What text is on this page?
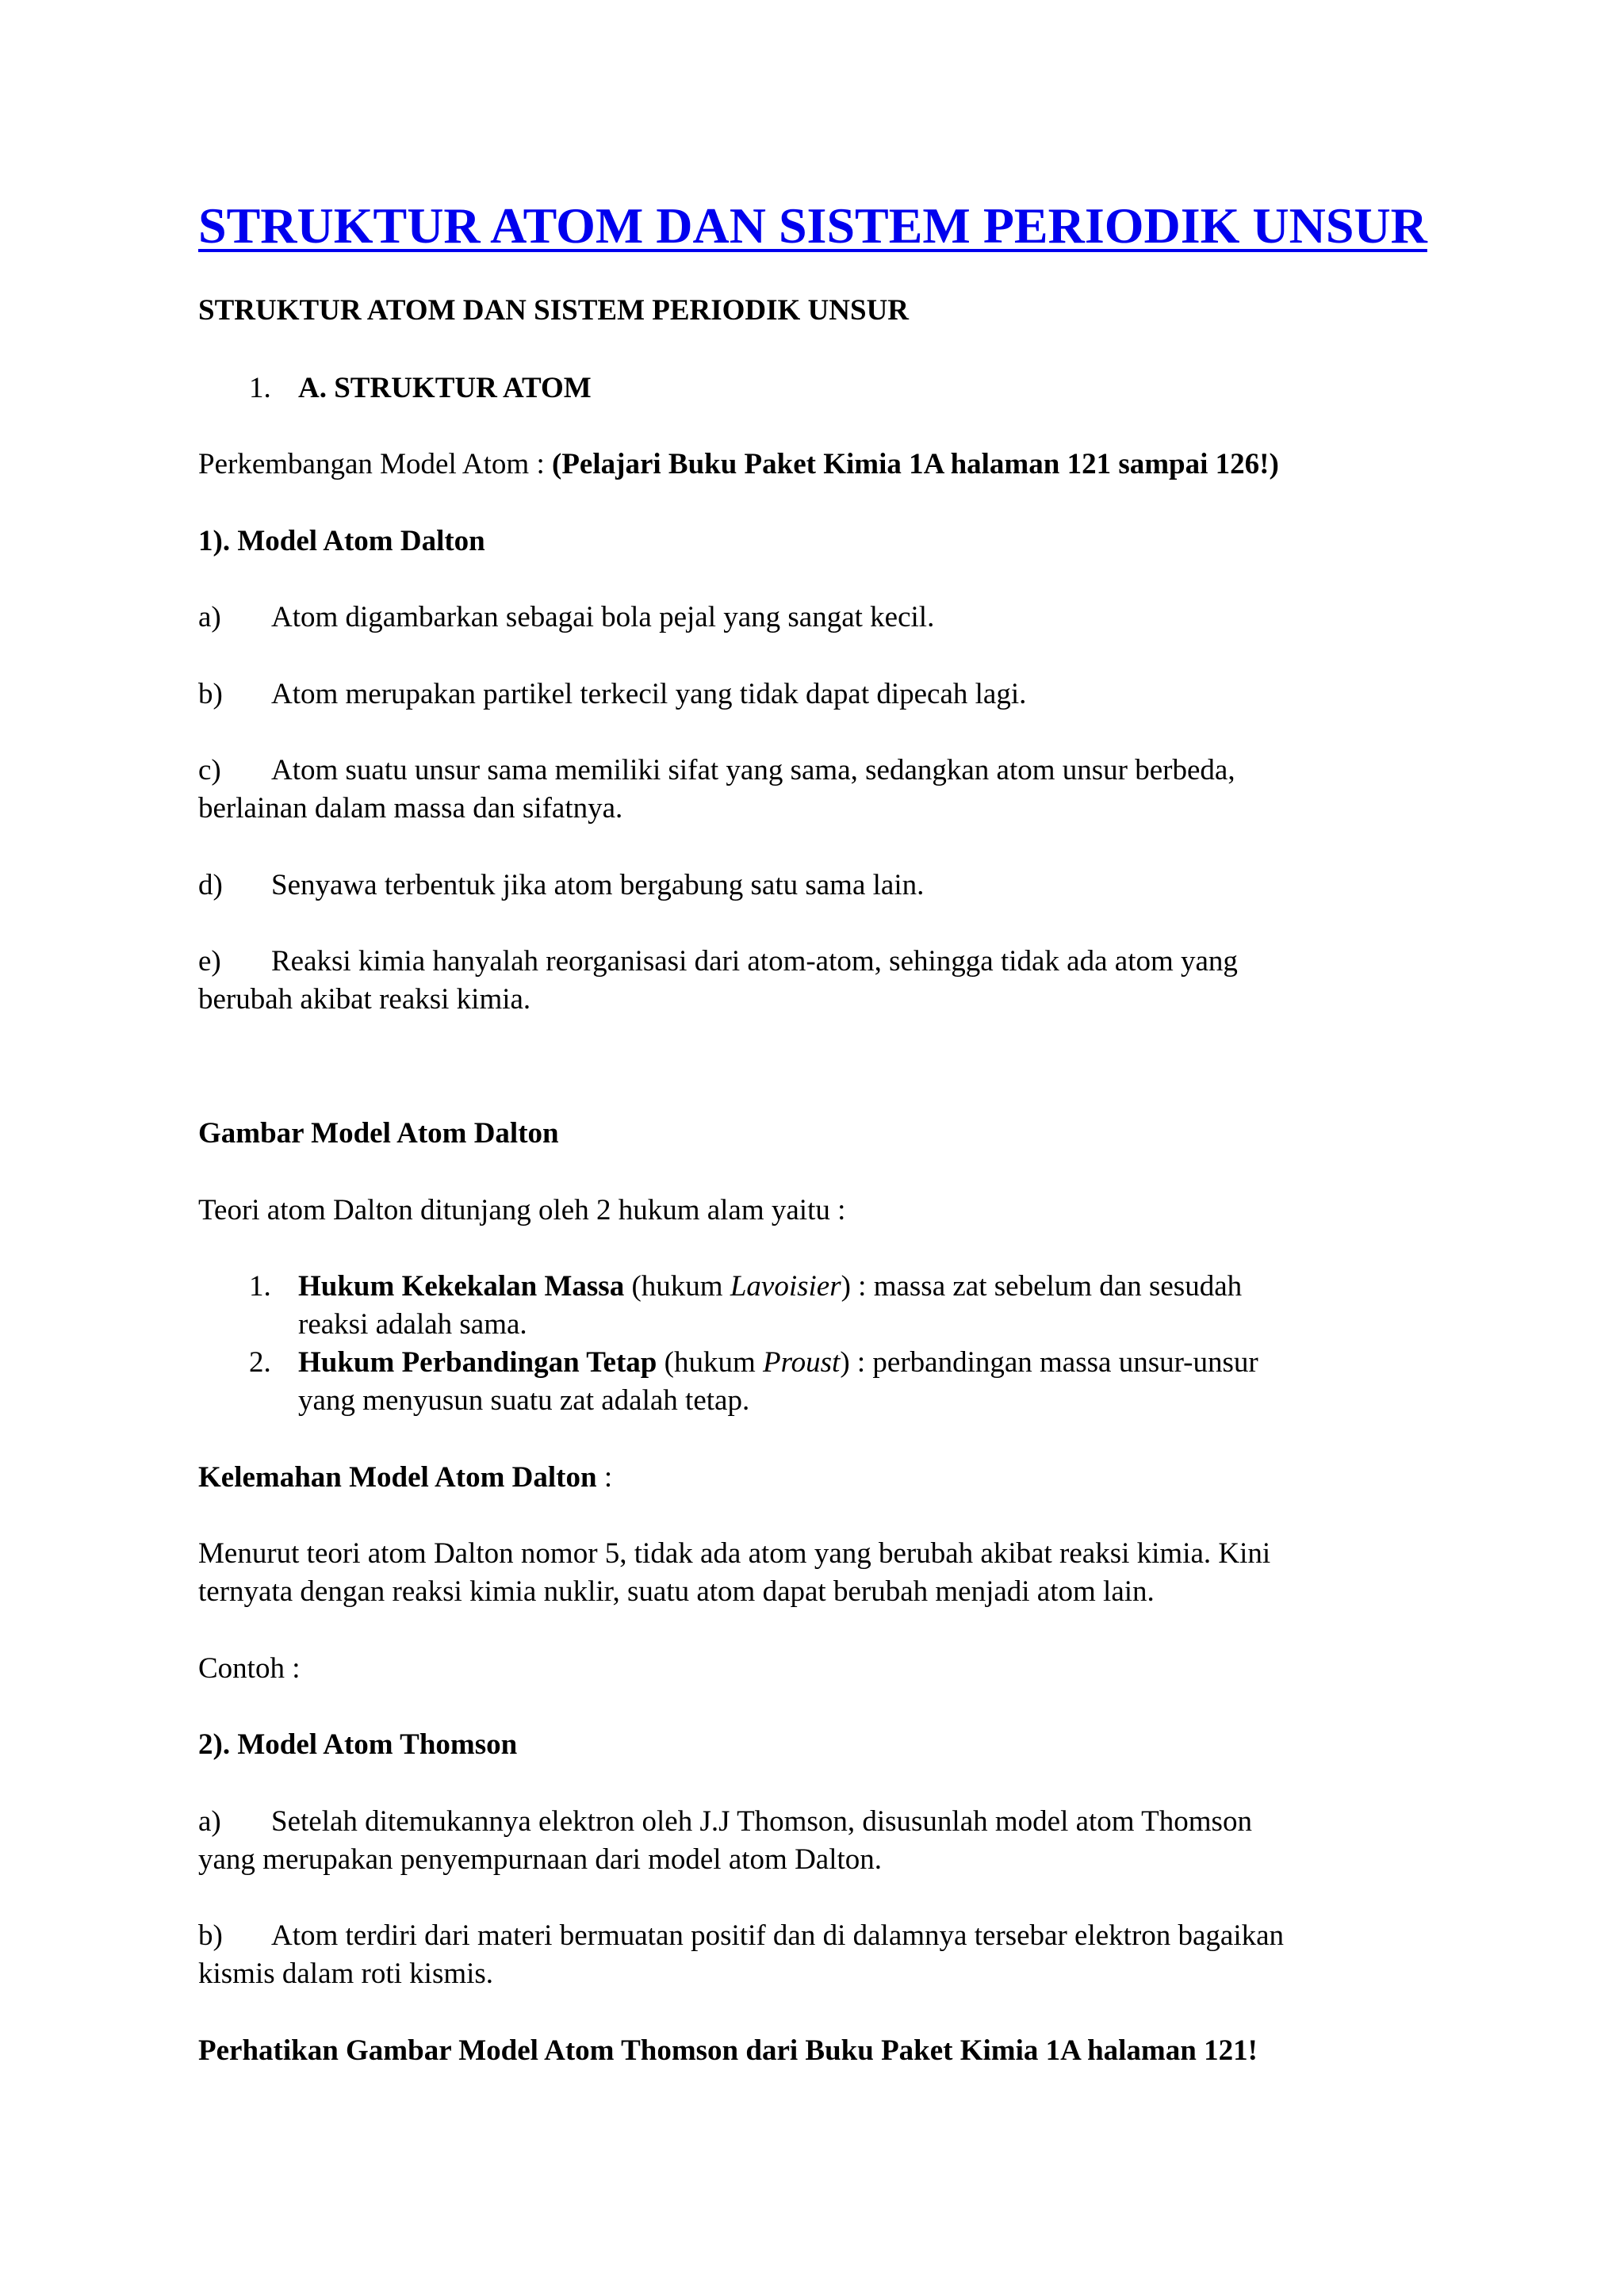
STRUKTUR ATOM DAN SISTEM PERIODIK UNSUR
STRUKTUR ATOM DAN SISTEM PERIODIK UNSUR
1. A. STRUKTUR ATOM
Perkembangan Model Atom : (Pelajari Buku Paket Kimia 1A halaman 121 sampai 126!)
1). Model Atom Dalton
a) Atom digambarkan sebagai bola pejal yang sangat kecil.
b) Atom merupakan partikel terkecil yang tidak dapat dipecah lagi.
c) Atom suatu unsur sama memiliki sifat yang sama, sedangkan atom unsur berbeda,
berlainan dalam massa dan sifatnya.
d) Senyawa terbentuk jika atom bergabung satu sama lain.
e) Reaksi kimia hanyalah reorganisasi dari atom-atom, sehingga tidak ada atom yang
berubah akibat reaksi kimia.
Gambar Model Atom Dalton
Teori atom Dalton ditunjang oleh 2 hukum alam yaitu :
1. Hukum Kekekalan Massa (hukum Lavoisier) : massa zat sebelum dan sesudah
reaksi adalah sama.
2. Hukum Perbandingan Tetap (hukum Proust) : perbandingan massa unsur-unsur
yang menyusun suatu zat adalah tetap.
Kelemahan Model Atom Dalton :
Menurut teori atom Dalton nomor 5, tidak ada atom yang berubah akibat reaksi kimia. Kini
ternyata dengan reaksi kimia nuklir, suatu atom dapat berubah menjadi atom lain.
Contoh :
2). Model Atom Thomson
a) Setelah ditemukannya elektron oleh J.J Thomson, disusunlah model atom Thomson
yang merupakan penyempurnaan dari model atom Dalton.
b) Atom terdiri dari materi bermuatan positif dan di dalamnya tersebar elektron bagaikan
kismis dalam roti kismis.
Perhatikan Gambar Model Atom Thomson dari Buku Paket Kimia 1A halaman 121!
